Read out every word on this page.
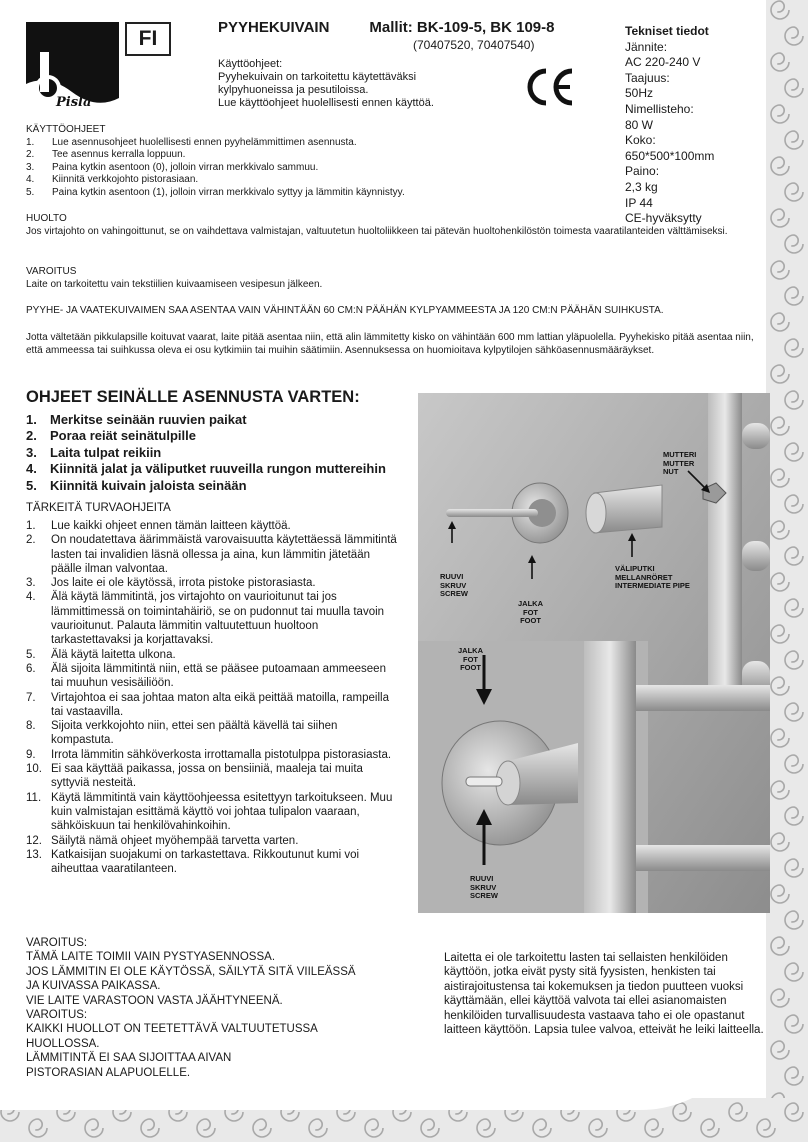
Pisla
FI	PYYHEKUIVAIN	Mallit: BK-109-5, BK 109-8
(70407520, 70407540)
Käyttöohjeet:
Pyyhekuivain on tarkoitettu käytettäväksi kylpyhuoneissa ja pesutiloissa.
Lue käyttöohjeet huolellisesti ennen käyttöä.
Tekniset tiedot
Jännite:
AC 220-240 V
Taajuus:
50Hz
Nimellisteho:
80 W
Koko:
650*500*100mm
Paino:
2,3 kg
IP 44
CE-hyväksytty
KÄYTTÖOHJEET
1.	Lue asennusohjeet huolellisesti ennen pyyhelämmittimen asennusta.
2.	Tee asennus kerralla loppuun.
3.	Paina kytkin asentoon (0), jolloin virran merkkivalo sammuu.
4.	Kiinnitä verkkojohto pistorasiaan.
5.	Paina kytkin asentoon (1), jolloin virran merkkivalo syttyy ja lämmitin käynnistyy.
HUOLTO
Jos virtajohto on vahingoittunut, se on vaihdettava valmistajan, valtuutetun huoltoliikkeen tai pätevän huoltohenkilöstön toimesta vaaratilanteiden välttämiseksi.
VAROITUS
Laite on tarkoitettu vain tekstiilien kuivaamiseen vesipesun jälkeen.
PYYHE- JA VAATEKUIVAIMEN SAA ASENTAA VAIN VÄHINTÄÄN 60 CM:N PÄÄHÄN KYLPYAMMEESTA JA 120 CM:N PÄÄHÄN SUIHKUSTA.
Jotta vältetään pikkulapsille koituvat vaarat, laite pitää asentaa niin, että alin lämmitetty kisko on vähintään 600 mm lattian yläpuolella. Pyyhekisko pitää asentaa niin, että ammeessa tai suihkussa oleva ei osu kytkimiin tai muihin säätimiin. Asennuksessa on huomioitava kylpytilojen sähköasennusmääräykset.
OHJEET SEINÄLLE ASENNUSTA VARTEN:
1.	Merkitse seinään ruuvien paikat
2.	Poraa reiät seinätulpille
3.	Laita tulpat reikiin
4.	Kiinnitä jalat ja väliputket ruuveilla rungon muttereihin
5.	Kiinnitä kuivain jaloista seinään
TÄRKEITÄ TURVAOHJEITA
1.	Lue kaikki ohjeet ennen tämän laitteen käyttöä.
2.	On noudatettava äärimmäistä varovaisuutta käytettäessä lämmitintä lasten tai invalidien läsnä ollessa ja aina, kun lämmitin jätetään päälle ilman valvontaa.
3.	Jos laite ei ole käytössä, irrota pistoke pistorasiasta.
4.	Älä käytä lämmitintä, jos virtajohto on vaurioitunut tai jos lämmittimessä on toimintahäiriö, se on pudonnut tai muulla tavoin vaurioitunut. Palauta lämmitin valtuutettuun huoltoon tarkastettavaksi ja korjattavaksi.
5.	Älä käytä laitetta ulkona.
6.	Älä sijoita lämmitintä niin, että se pääsee putoamaan ammeeseen tai muuhun vesisäiliöön.
7.	Virtajohtoa ei saa johtaa maton alta eikä peittää matoilla, rampeilla tai vastaavilla.
8.	Sijoita verkkojohto niin, ettei sen päältä kävellä tai siihen kompastuta.
9.	Irrota lämmitin sähköverkosta irrottamalla pistotulppa pistorasiasta.
10. Ei saa käyttää paikassa, jossa on bensiiniä, maaleja tai muita syttyviä nesteitä.
11. Käytä lämmitintä vain käyttöohjeessa esitettyyn tarkoitukseen. Muu kuin valmistajan esittämä käyttö voi johtaa tulipalon vaaraan, sähköiskuun tai henkilövahinkoihin.
12. Säilytä nämä ohjeet myöhempää tarvetta varten.
13. Katkaisijan suojakumi on tarkastettava. Rikkoutunut kumi voi aiheuttaa vaaratilanteen.
MUTTERI
MUTTER
NUT
RUUVI
SKRUV
SCREW
JALKA
FOT
FOOT
VÄLIPUTKI
MELLANRÖRET
INTERMEDIATE PIPE
JALKA
FOT
FOOT
RUUVI
SKRUV
SCREW
VAROITUS:
TÄMÄ LAITE TOIMII VAIN PYSTYASENNOSSA.
JOS LÄMMITIN EI OLE KÄYTÖSSÄ, SÄILYTÄ SITÄ VIILEÄSSÄ
JA KUIVASSA PAIKASSA.
VIE LAITE VARASTOON VASTA JÄÄHTYNEENÄ.
VAROITUS:
KAIKKI HUOLLOT ON TEETETTÄVÄ VALTUUTETUSSA
HUOLLOSSA.
LÄMMITINTÄ EI SAA SIJOITTAA AIVAN
PISTORASIAN ALAPUOLELLE.
Laitetta ei ole tarkoitettu lasten tai sellaisten henkilöiden käyttöön, jotka eivät pysty sitä fyysisten, henkisten tai aistirajoitustensa tai kokemuksen ja tiedon puutteen vuoksi käyttämään, ellei käyttöä valvota tai ellei asianomaisten henkilöiden turvallisuudesta vastaava taho ei ole opastanut laitteen käyttöön. Lapsia tulee valvoa, etteivät he leiki laitteella.
